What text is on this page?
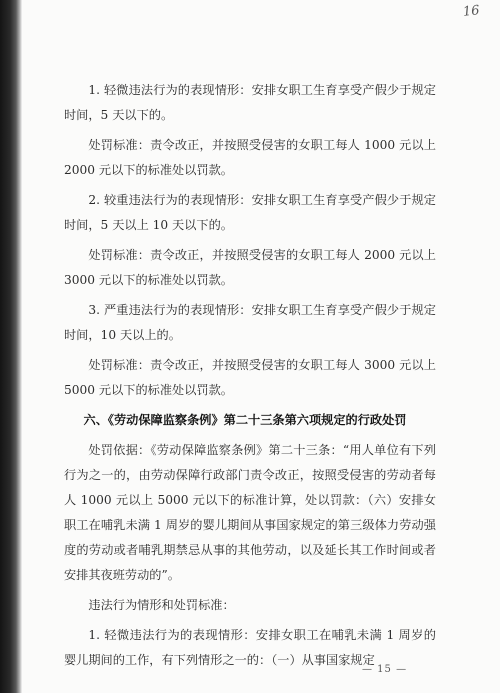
16

1. 轻微违法行为的表现情形：安排女职工生育享受产假少于规定时间，5 天以下的。

处罚标准：责令改正，并按照受侵害的女职工每人 1000 元以上 2000 元以下的标准处以罚款。

2. 较重违法行为的表现情形：安排女职工生育享受产假少于规定时间，5 天以上 10 天以下的。

处罚标准：责令改正，并按照受侵害的女职工每人 2000 元以上 3000 元以下的标准处以罚款。

3. 严重违法行为的表现情形：安排女职工生育享受产假少于规定时间，10 天以上的。

处罚标准：责令改正，并按照受侵害的女职工每人 3000 元以上 5000 元以下的标准处以罚款。

六、《劳动保障监察条例》第二十三条第六项规定的行政处罚

处罚依据：《劳动保障监察条例》第二十三条：“用人单位有下列行为之一的，由劳动保障行政部门责令改正，按照受侵害的劳动者每人 1000 元以上 5000 元以下的标准计算，处以罚款：（六）安排女职工在哺乳未满 1 周岁的婴儿期间从事国家规定的第三级体力劳动强度的劳动或者哺乳期禁忌从事的其他劳动，以及延长其工作时间或者安排其夜班劳动的”。

违法行为情形和处罚标准：

1. 轻微违法行为的表现情形：安排女职工在哺乳未满 1 周岁的婴儿期间的工作，有下列情形之一的：（一）从事国家规定

— 15 —
